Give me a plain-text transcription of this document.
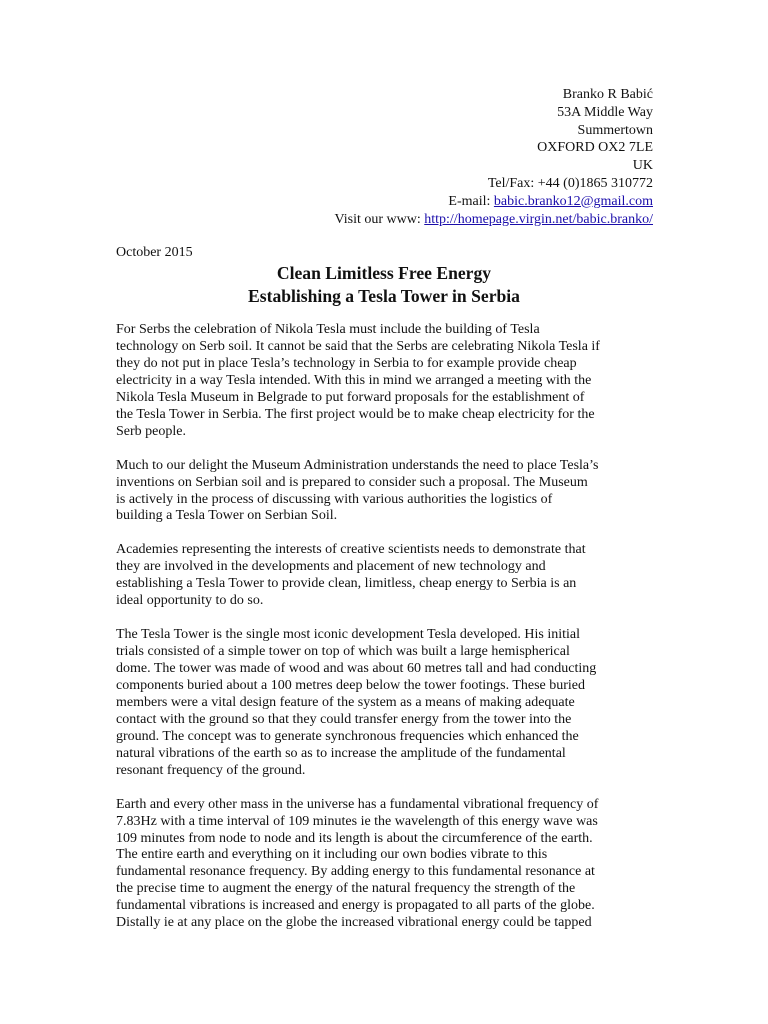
Branko R Babić
53A Middle Way
Summertown
OXFORD OX2 7LE
UK
Tel/Fax: +44 (0)1865 310772
E-mail: babic.branko12@gmail.com
Visit our www: http://homepage.virgin.net/babic.branko/
October 2015
Clean Limitless Free Energy
Establishing a Tesla Tower in Serbia
For Serbs the celebration of Nikola Tesla must include the building of Tesla
technology on Serb soil. It cannot be said that the Serbs are celebrating Nikola Tesla if
they do not put in place Tesla’s technology in Serbia to for example provide cheap
electricity in a way Tesla intended. With this in mind we arranged a meeting with the
Nikola Tesla Museum in Belgrade to put forward proposals for the establishment of
the Tesla Tower in Serbia. The first project would be to make cheap electricity for the
Serb people.
Much to our delight the Museum Administration understands the need to place Tesla’s
inventions on Serbian soil and is prepared to consider such a proposal. The Museum
is actively in the process of discussing with various authorities the logistics of
building a Tesla Tower on Serbian Soil.
Academies representing the interests of creative scientists needs to demonstrate that
they are involved in the developments and placement of new technology and
establishing a Tesla Tower to provide clean, limitless, cheap energy to Serbia is an
ideal opportunity to do so.
The Tesla Tower is the single most iconic development Tesla developed. His initial
trials consisted of a simple tower on top of which was built a large hemispherical
dome. The tower was made of wood and was about 60 metres tall and had conducting
components buried about a 100 metres deep below the tower footings. These buried
members were a vital design feature of the system as a means of making adequate
contact with the ground so that they could transfer energy from the tower into the
ground. The concept was to generate synchronous frequencies which enhanced the
natural vibrations of the earth so as to increase the amplitude of the fundamental
resonant frequency of the ground.
Earth and every other mass in the universe has a fundamental vibrational frequency of
7.83Hz with a time interval of 109 minutes ie the wavelength of this energy wave was
109 minutes from node to node and its length is about the circumference of the earth.
The entire earth and everything on it including our own bodies vibrate to this
fundamental resonance frequency. By adding energy to this fundamental resonance at
the precise time to augment the energy of the natural frequency the strength of the
fundamental vibrations is increased and energy is propagated to all parts of the globe.
Distally ie at any place on the globe the increased vibrational energy could be tapped
